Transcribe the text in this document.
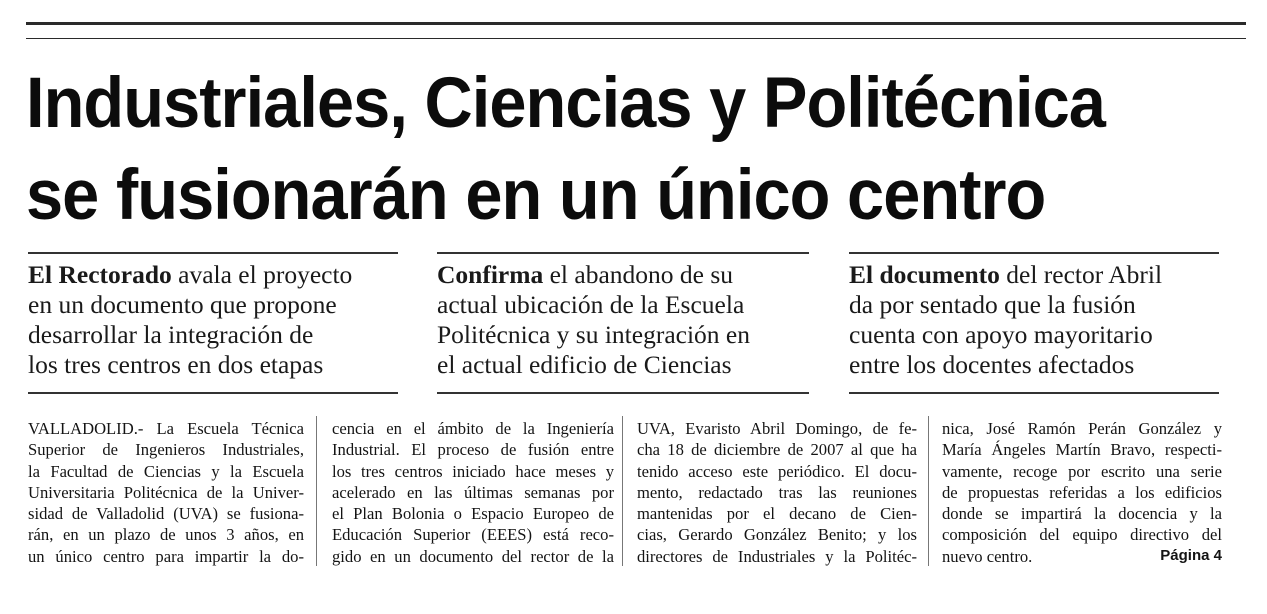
Industriales, Ciencias y Politécnica
se fusionarán en un único centro
El Rectorado avala el proyecto
en un documento que propone
desarrollar la integración de
los tres centros en dos etapas
Confirma el abandono de su
actual ubicación de la Escuela
Politécnica y su integración en
el actual edificio de Ciencias
El documento del rector Abril
da por sentado que la fusión
cuenta con apoyo mayoritario
entre los docentes afectados
VALLADOLID.- La Escuela Técnica
Superior de Ingenieros Industriales,
la Facultad de Ciencias y la Escuela
Universitaria Politécnica de la Univer-
sidad de Valladolid (UVA) se fusiona-
rán, en un plazo de unos 3 años, en
un único centro para impartir la do-
cencia en el ámbito de la Ingeniería
Industrial. El proceso de fusión entre
los tres centros iniciado hace meses y
acelerado en las últimas semanas por
el Plan Bolonia o Espacio Europeo de
Educación Superior (EEES) está reco-
gido en un documento del rector de la
UVA, Evaristo Abril Domingo, de fe-
cha 18 de diciembre de 2007 al que ha
tenido acceso este periódico. El docu-
mento, redactado tras las reuniones
mantenidas por el decano de Cien-
cias, Gerardo González Benito; y los
directores de Industriales y la Politéc-
nica, José Ramón Perán González y
María Ángeles Martín Bravo, respecti-
vamente, recoge por escrito una serie
de propuestas referidas a los edificios
donde se impartirá la docencia y la
composición del equipo directivo del
nuevo centro.	Página 4
